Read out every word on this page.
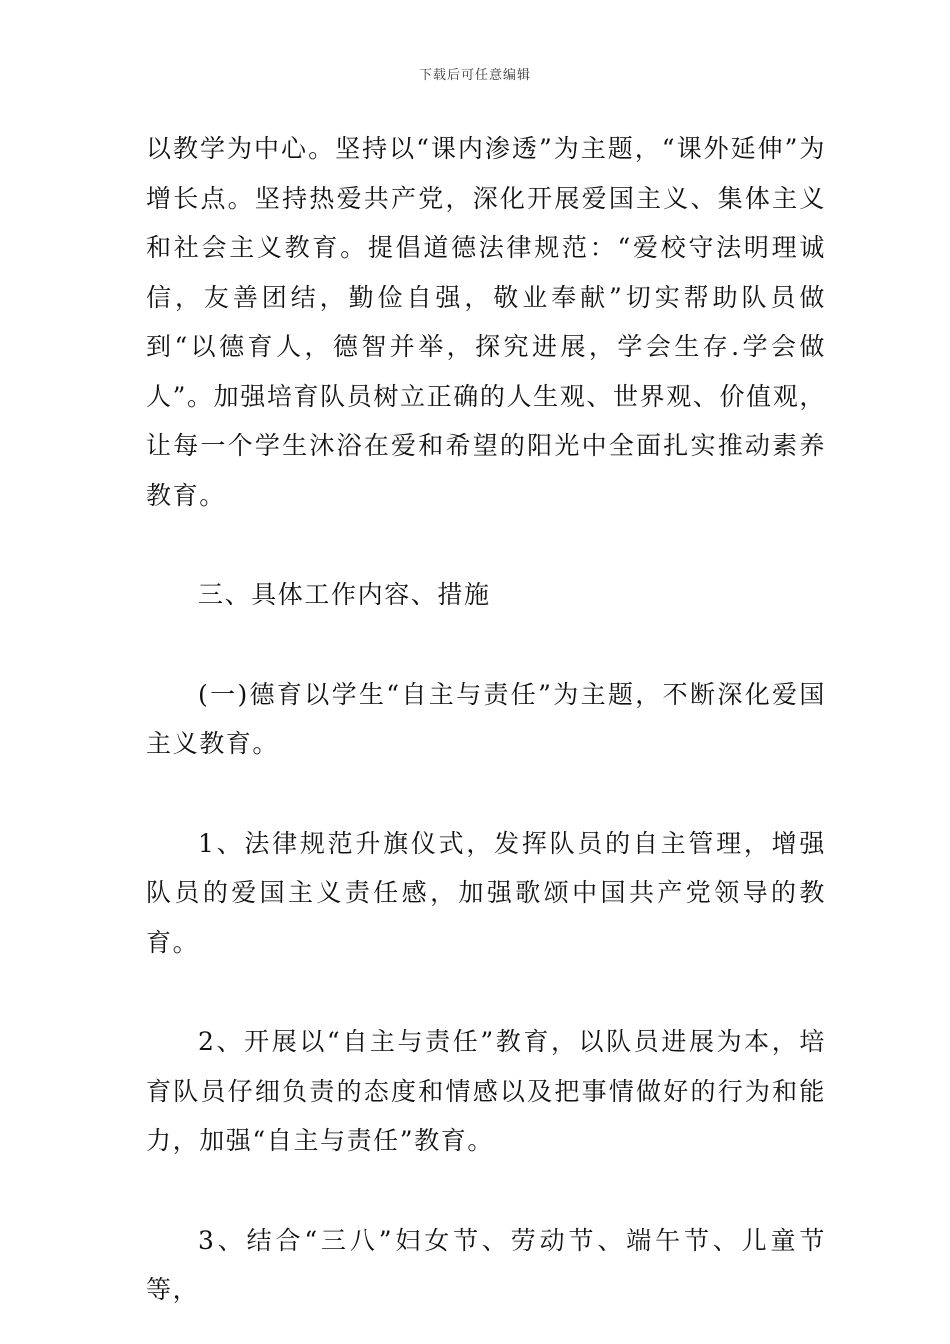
下载后可任意编辑

以教学为中心。坚持以“课内渗透”为主题，“课外延伸”为增长点。坚持热爱共产党，深化开展爱国主义、集体主义和社会主义教育。提倡道德法律规范：“爱校守法明理诚信，友善团结，勤俭自强，敬业奉献”切实帮助队员做到“以德育人，德智并举，探究进展，学会生存.学会做人”。加强培育队员树立正确的人生观、世界观、价值观，让每一个学生沐浴在爱和希望的阳光中全面扎实推动素养教育。

三、具体工作内容、措施

(一)德育以学生“自主与责任”为主题，不断深化爱国主义教育。

1、法律规范升旗仪式，发挥队员的自主管理，增强队员的爱国主义责任感，加强歌颂中国共产党领导的教育。

2、开展以“自主与责任”教育，以队员进展为本，培育队员仔细负责的态度和情感以及把事情做好的行为和能力，加强“自主与责任”教育。

3、结合“三八”妇女节、劳动节、端午节、儿童节等，
